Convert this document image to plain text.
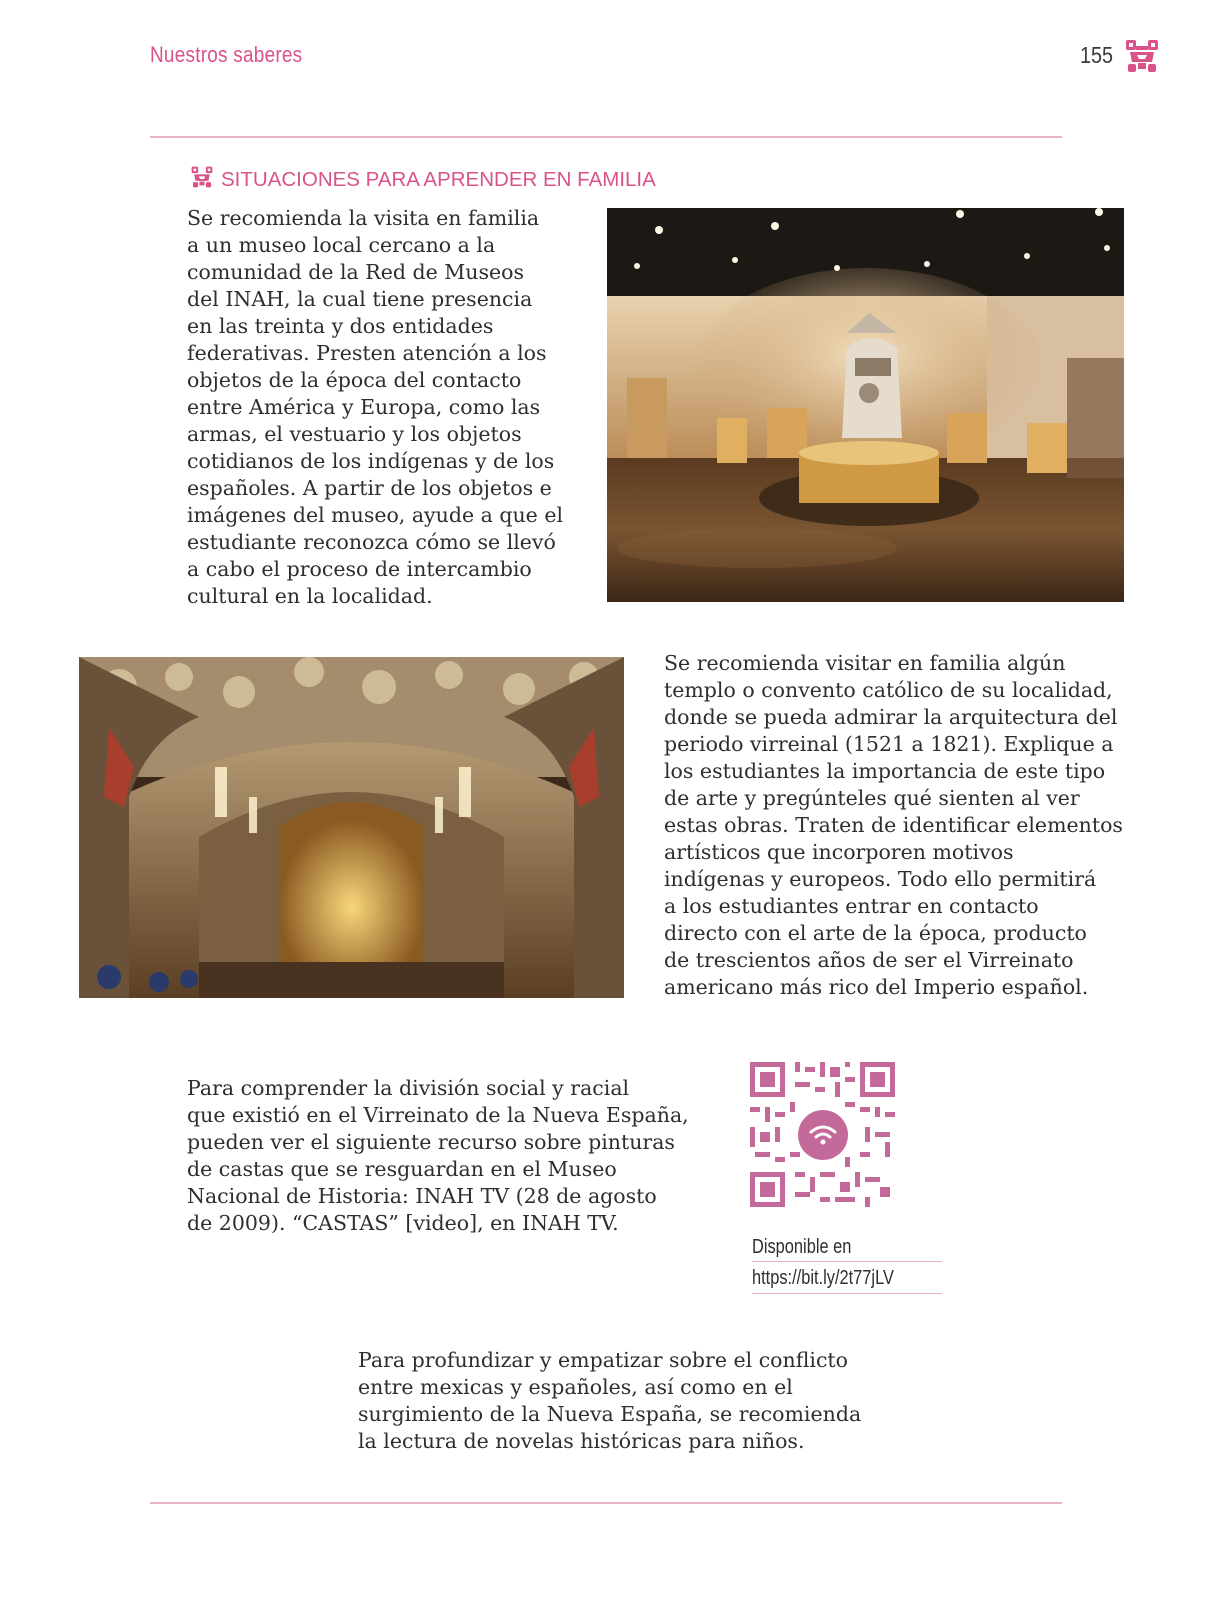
Nuestros saberes	155
SITUACIONES PARA APRENDER EN FAMILIA
Se recomienda la visita en familia
a un museo local cercano a la
comunidad de la Red de Museos
del INAH, la cual tiene presencia
en las treinta y dos entidades
federativas. Presten atención a los
objetos de la época del contacto
entre América y Europa, como las
armas, el vestuario y los objetos
cotidianos de los indígenas y de los
españoles. A partir de los objetos e
imágenes del museo, ayude a que el
estudiante reconozca cómo se llevó
a cabo el proceso de intercambio
cultural en la localidad.
Se recomienda visitar en familia algún
templo o convento católico de su localidad,
donde se pueda admirar la arquitectura del
periodo virreinal (1521 a 1821). Explique a
los estudiantes la importancia de este tipo
de arte y pregúnteles qué sienten al ver
estas obras. Traten de identificar elementos
artísticos que incorporen motivos
indígenas y europeos. Todo ello permitirá
a los estudiantes entrar en contacto
directo con el arte de la época, producto
de trescientos años de ser el Virreinato
americano más rico del Imperio español.
Para comprender la división social y racial
que existió en el Virreinato de la Nueva España,
pueden ver el siguiente recurso sobre pinturas
de castas que se resguardan en el Museo
Nacional de Historia: INAH TV (28 de agosto
de 2009). “CASTAS” [video], en INAH TV.
Disponible en
https://bit.ly/2t77jLV
Para profundizar y empatizar sobre el conflicto
entre mexicas y españoles, así como en el
surgimiento de la Nueva España, se recomienda
la lectura de novelas históricas para niños.
